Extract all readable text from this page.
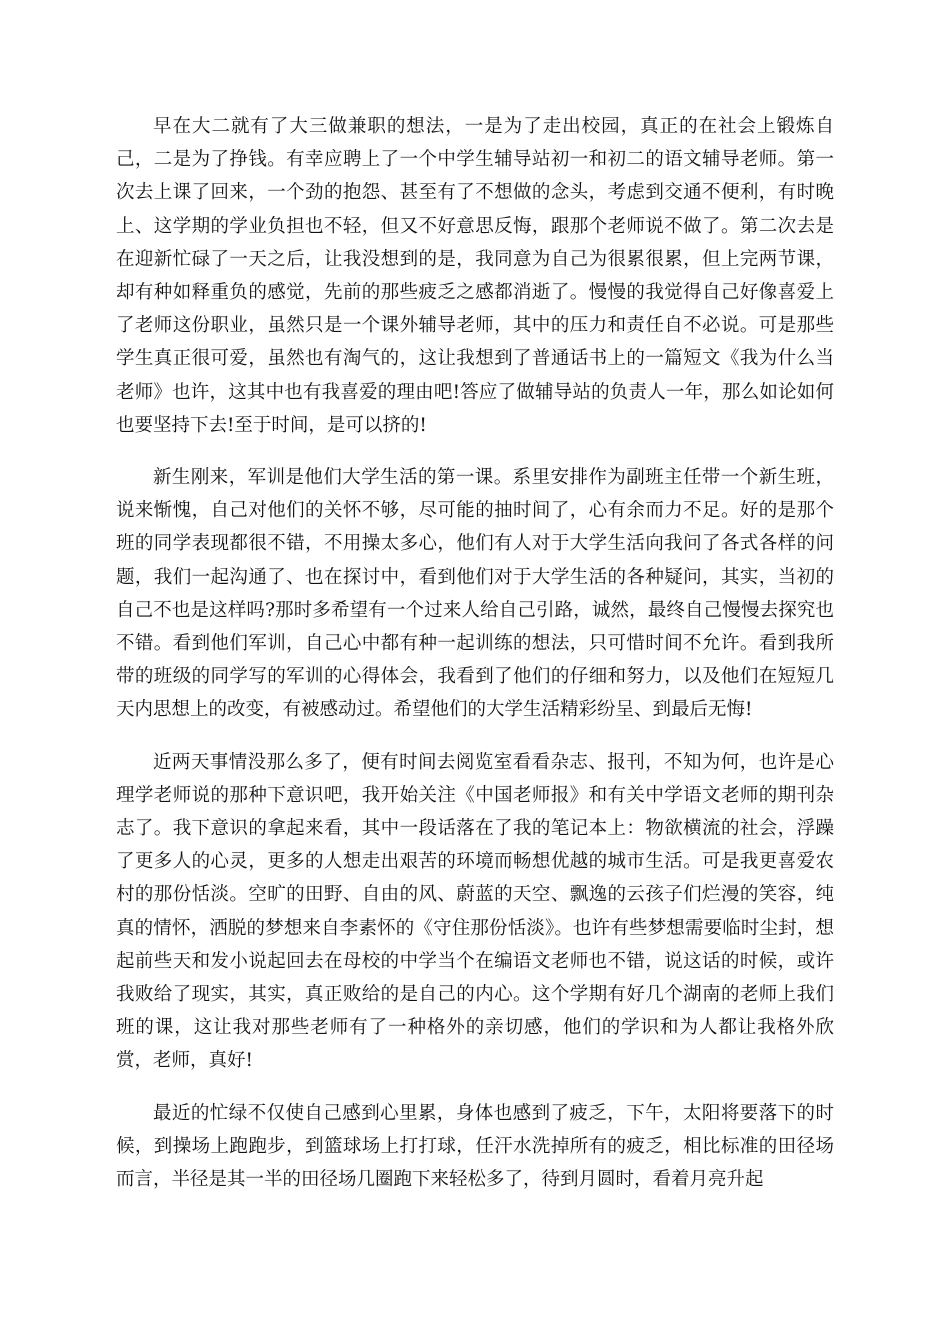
早在大二就有了大三做兼职的想法，一是为了走出校园，真正的在社会上锻炼自己，二是为了挣钱。有幸应聘上了一个中学生辅导站初一和初二的语文辅导老师。第一次去上课了回来，一个劲的抱怨、甚至有了不想做的念头，考虑到交通不便利，有时晚上、这学期的学业负担也不轻，但又不好意思反悔，跟那个老师说不做了。第二次去是在迎新忙碌了一天之后，让我没想到的是，我同意为自己为很累很累，但上完两节课，却有种如释重负的感觉，先前的那些疲乏之感都消逝了。慢慢的我觉得自己好像喜爱上了老师这份职业，虽然只是一个课外辅导老师，其中的压力和责任自不必说。可是那些学生真正很可爱，虽然也有淘气的，这让我想到了普通话书上的一篇短文《我为什么当老师》也许，这其中也有我喜爱的理由吧!答应了做辅导站的负责人一年，那么如论如何也要坚持下去!至于时间，是可以挤的!

新生刚来，军训是他们大学生活的第一课。系里安排作为副班主任带一个新生班，说来惭愧，自己对他们的关怀不够，尽可能的抽时间了，心有余而力不足。好的是那个班的同学表现都很不错，不用操太多心，他们有人对于大学生活向我问了各式各样的问题，我们一起沟通了、也在探讨中，看到他们对于大学生活的各种疑问，其实，当初的自己不也是这样吗?那时多希望有一个过来人给自己引路，诚然，最终自己慢慢去探究也不错。看到他们军训，自己心中都有种一起训练的想法，只可惜时间不允许。看到我所带的班级的同学写的军训的心得体会，我看到了他们的仔细和努力，以及他们在短短几天内思想上的改变，有被感动过。希望他们的大学生活精彩纷呈、到最后无悔!

近两天事情没那么多了，便有时间去阅览室看看杂志、报刊，不知为何，也许是心理学老师说的那种下意识吧，我开始关注《中国老师报》和有关中学语文老师的期刊杂志了。我下意识的拿起来看，其中一段话落在了我的笔记本上：物欲横流的社会，浮躁了更多人的心灵，更多的人想走出艰苦的环境而畅想优越的城市生活。可是我更喜爱农村的那份恬淡。空旷的田野、自由的风、蔚蓝的天空、飘逸的云孩子们烂漫的笑容，纯真的情怀，洒脱的梦想来自李素怀的《守住那份恬淡》。也许有些梦想需要临时尘封，想起前些天和发小说起回去在母校的中学当个在编语文老师也不错，说这话的时候，或许我败给了现实，其实，真正败给的是自己的内心。这个学期有好几个湖南的老师上我们班的课，这让我对那些老师有了一种格外的亲切感，他们的学识和为人都让我格外欣赏，老师，真好!

最近的忙绿不仅使自己感到心里累，身体也感到了疲乏，下午，太阳将要落下的时候，到操场上跑跑步，到篮球场上打打球，任汗水洗掉所有的疲乏，相比标准的田径场而言，半径是其一半的田径场几圈跑下来轻松多了，待到月圆时，看着月亮升起
